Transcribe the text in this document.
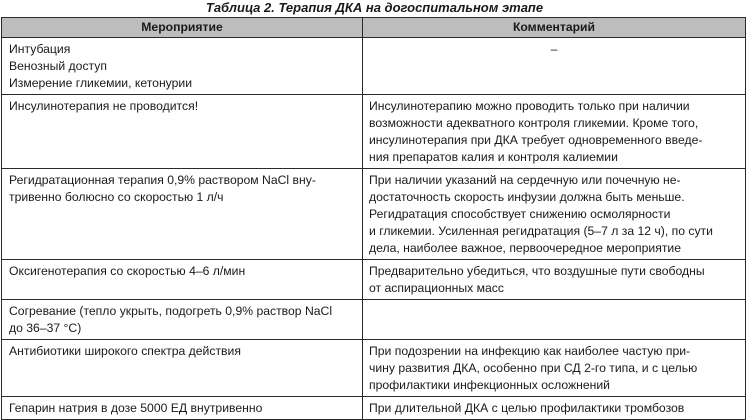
Таблица 2. Терапия ДКА на догоспитальном этапе
Мероприятие	Комментарий

Интубация
Венозный доступ
Измерение гликемии, кетонурии	–

Инсулинотерапия не проводится!	Инсулинотерапию можно проводить только при наличии
возможности адекватного контроля гликемии. Кроме того,
инсулинотерапия при ДКА требует одновременного введе-
ния препаратов калия и контроля калиемии

Регидратационная терапия 0,9% раствором NaCl вну-
тривенно болюсно со скоростью 1 л/ч	При наличии указаний на сердечную или почечную не-
достаточность скорость инфузии должна быть меньше.
Регидратация способствует снижению осмолярности
и гликемии. Усиленная регидратация (5–7 л за 12 ч), по сути
дела, наиболее важное, первоочередное мероприятие

Оксигенотерапия со скоростью 4–6 л/мин	Предварительно убедиться, что воздушные пути свободны
от аспирационных масс

Согревание (тепло укрыть, подогреть 0,9% раствор NaCl
до 36–37 °С)	

Антибиотики широкого спектра действия	При подозрении на инфекцию как наиболее частую при-
чину развития ДКА, особенно при СД 2-го типа, и с целью
профилактики инфекционных осложнений

Гепарин натрия в дозе 5000 ЕД внутривенно	При длительной ДКА с целью профилактики тромбозов
